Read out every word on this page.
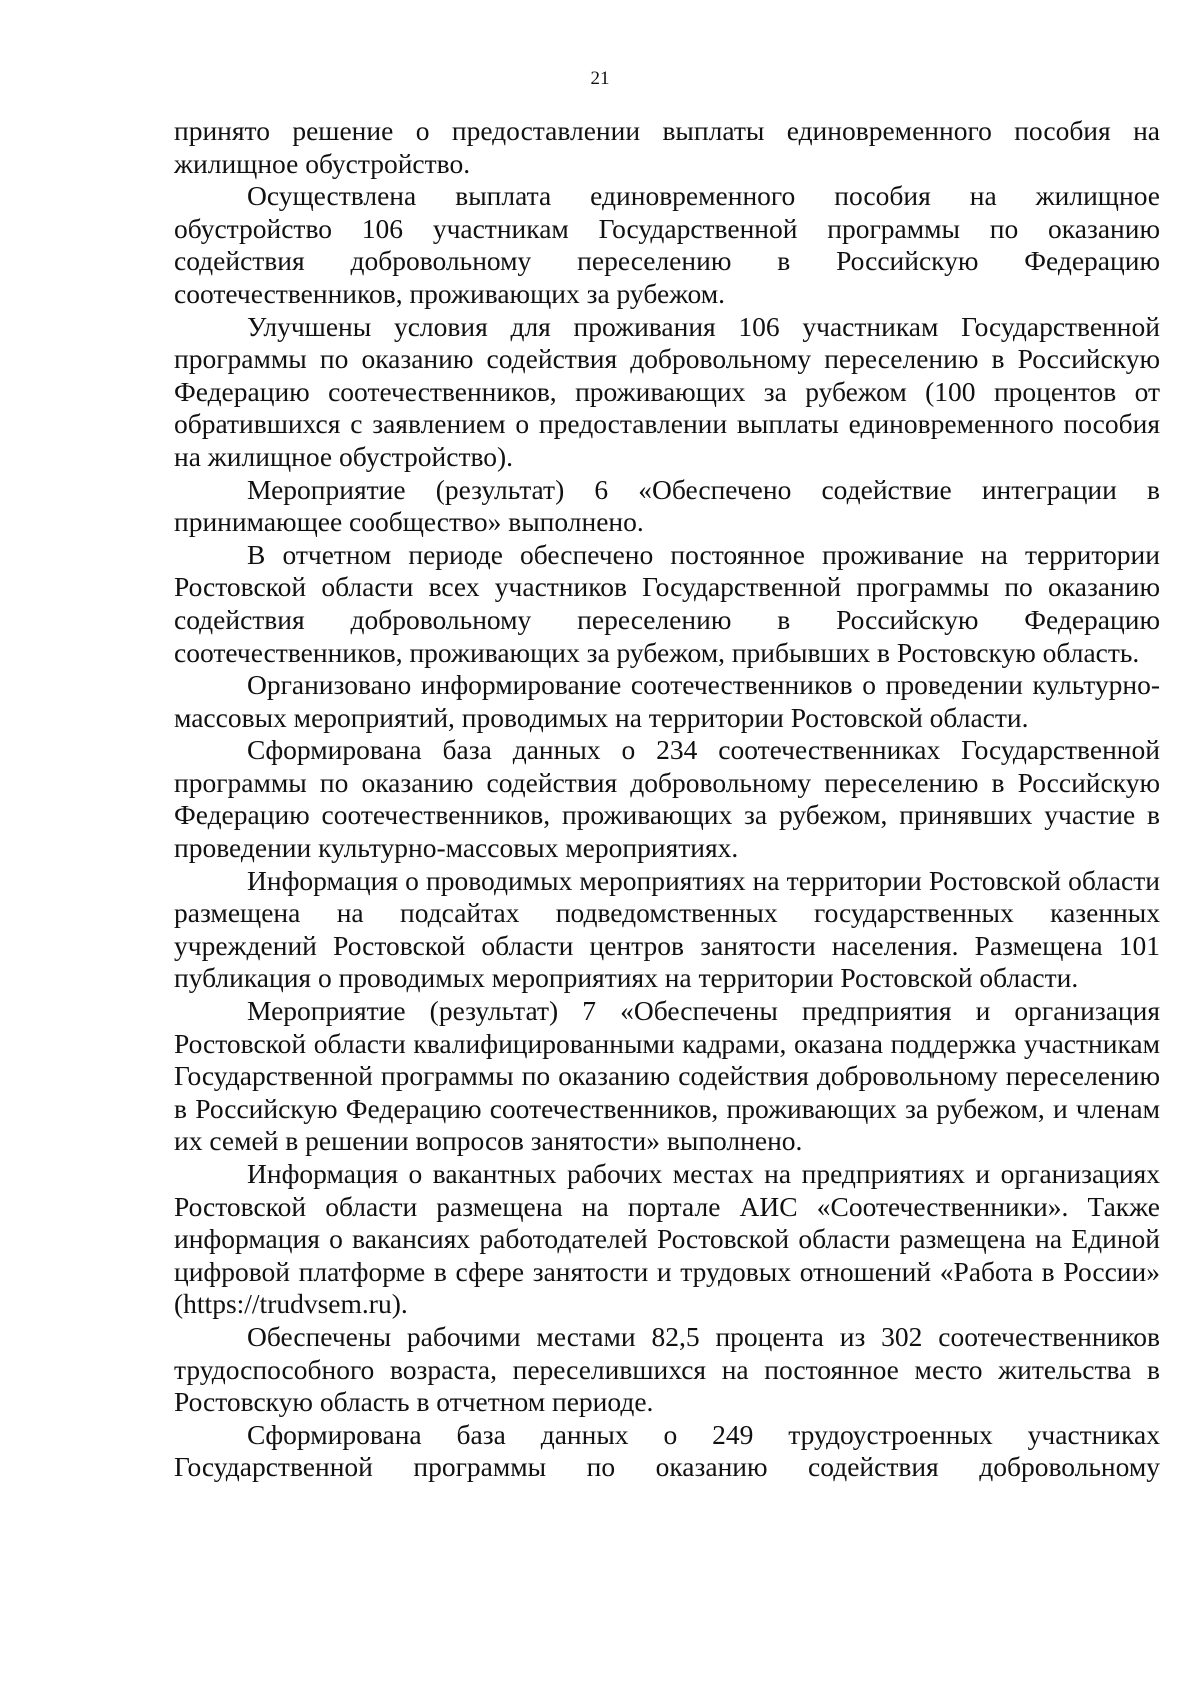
21

принято решение о предоставлении выплаты единовременного пособия на жилищное обустройство.

Осуществлена выплата единовременного пособия на жилищное обустройство 106 участникам Государственной программы по оказанию содействия добровольному переселению в Российскую Федерацию соотечественников, проживающих за рубежом.

Улучшены условия для проживания 106 участникам Государственной программы по оказанию содействия добровольному переселению в Российскую Федерацию соотечественников, проживающих за рубежом (100 процентов от обратившихся с заявлением о предоставлении выплаты единовременного пособия на жилищное обустройство).

Мероприятие (результат) 6 «Обеспечено содействие интеграции в принимающее сообщество» выполнено.

В отчетном периоде обеспечено постоянное проживание на территории Ростовской области всех участников Государственной программы по оказанию содействия добровольному переселению в Российскую Федерацию соотечественников, проживающих за рубежом, прибывших в Ростовскую область.

Организовано информирование соотечественников о проведении культурно-массовых мероприятий, проводимых на территории Ростовской области.

Сформирована база данных о 234 соотечественниках Государственной программы по оказанию содействия добровольному переселению в Российскую Федерацию соотечественников, проживающих за рубежом, принявших участие в проведении культурно-массовых мероприятиях.

Информация о проводимых мероприятиях на территории Ростовской области размещена на подсайтах подведомственных государственных казенных учреждений Ростовской области центров занятости населения. Размещена 101 публикация о проводимых мероприятиях на территории Ростовской области.

Мероприятие (результат) 7 «Обеспечены предприятия и организация Ростовской области квалифицированными кадрами, оказана поддержка участникам Государственной программы по оказанию содействия добровольному переселению в Российскую Федерацию соотечественников, проживающих за рубежом, и членам их семей в решении вопросов занятости» выполнено.

Информация о вакантных рабочих местах на предприятиях и организациях Ростовской области размещена на портале АИС «Соотечественники». Также информация о вакансиях работодателей Ростовской области размещена на Единой цифровой платформе в сфере занятости и трудовых отношений «Работа в России» (https://trudvsem.ru).

Обеспечены рабочими местами 82,5 процента из 302 соотечественников трудоспособного возраста, переселившихся на постоянное место жительства в Ростовскую область в отчетном периоде.

Сформирована база данных о 249 трудоустроенных участниках Государственной программы по оказанию содействия добровольному
